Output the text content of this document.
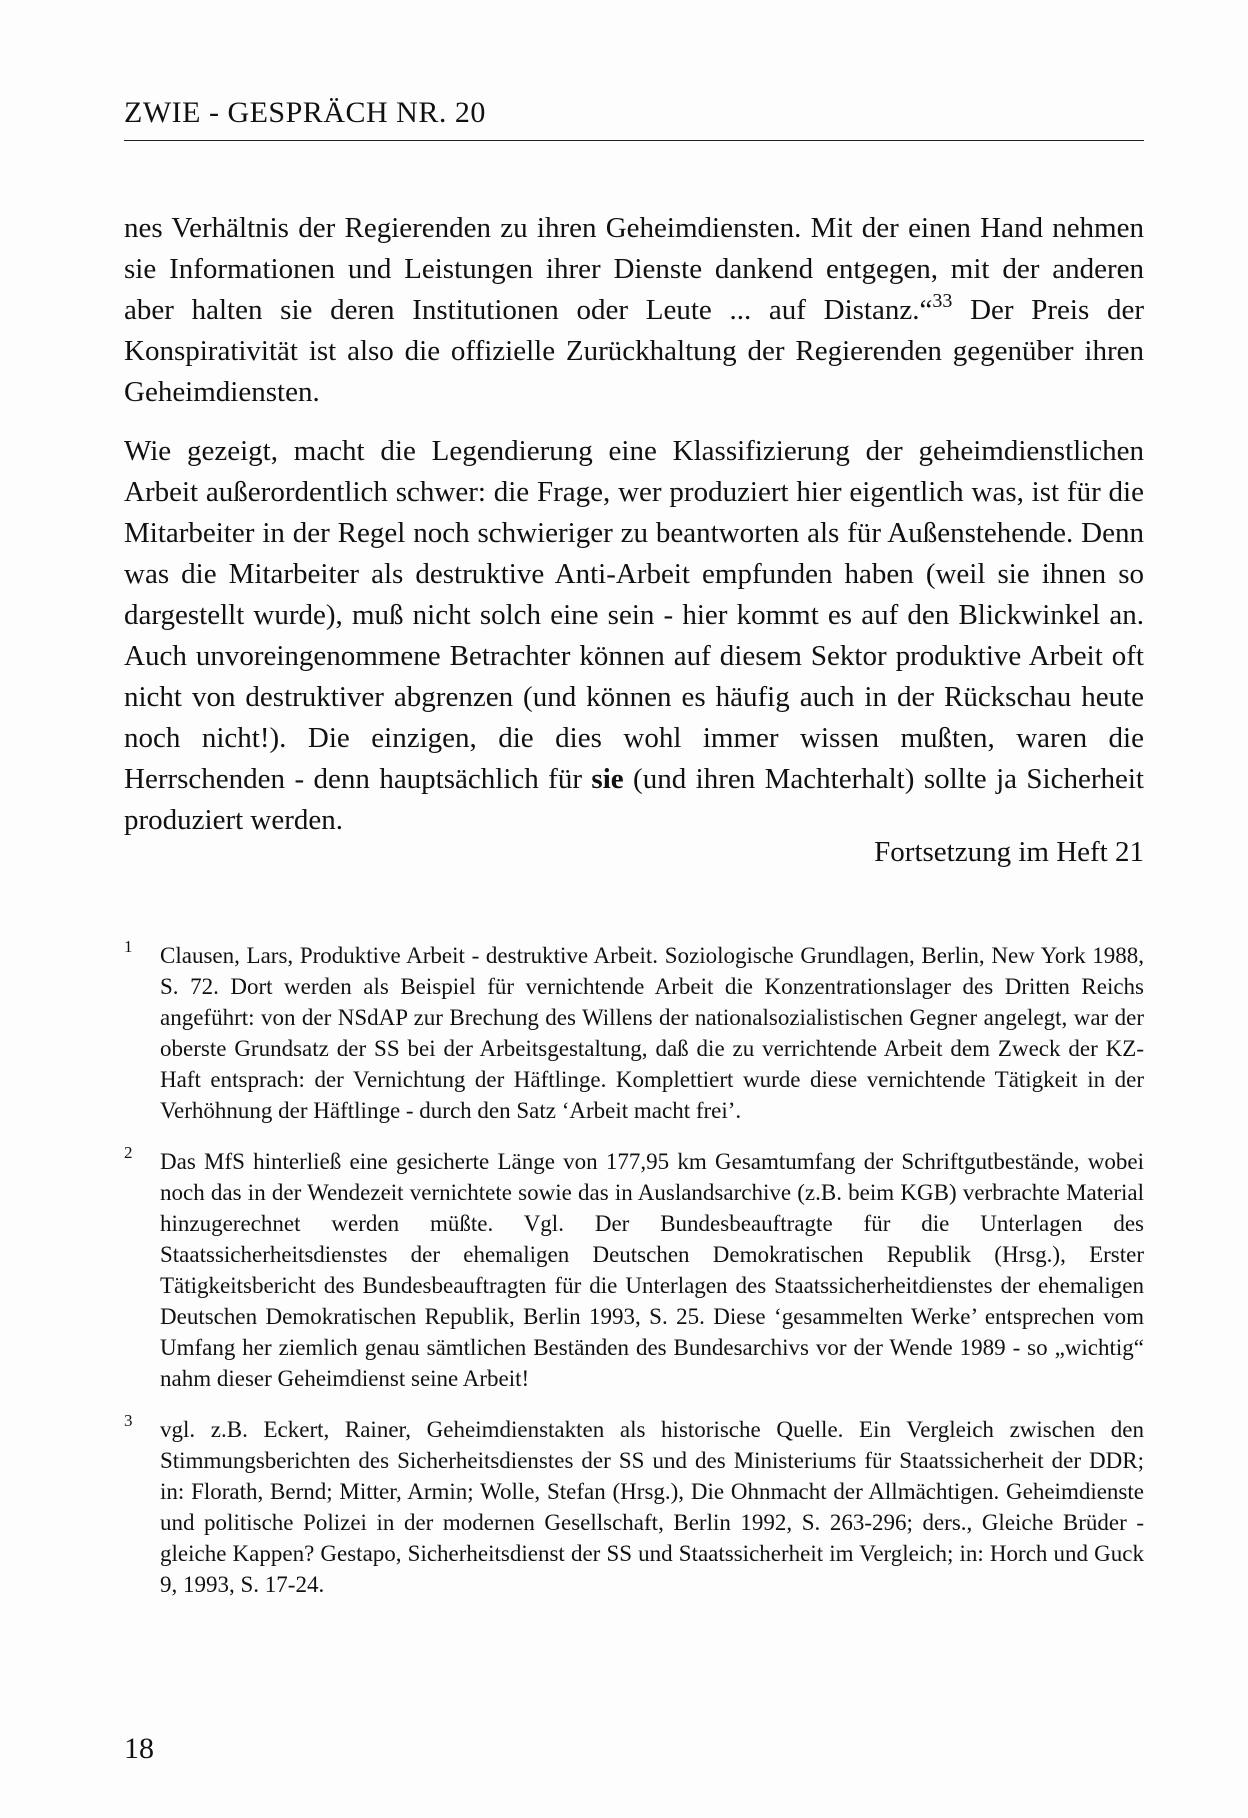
ZWIE - GESPRÄCH NR. 20

nes Verhältnis der Regierenden zu ihren Geheimdiensten. Mit der einen Hand nehmen sie Informationen und Leistungen ihrer Dienste dankend entgegen, mit der anderen aber halten sie deren Institutionen oder Leute ... auf Distanz.“$^{33}$ Der Preis der Konspirativität ist also die offizielle Zurückhaltung der Regierenden gegenüber ihren Geheimdiensten.

Wie gezeigt, macht die Legendierung eine Klassifizierung der geheimdienstlichen Arbeit außerordentlich schwer: die Frage, wer produziert hier eigentlich was, ist für die Mitarbeiter in der Regel noch schwieriger zu beantworten als für Außenstehende. Denn was die Mitarbeiter als destruktive Anti-Arbeit empfunden haben (weil sie ihnen so dargestellt wurde), muß nicht solch eine sein - hier kommt es auf den Blickwinkel an. Auch unvoreingenommene Betrachter können auf diesem Sektor produktive Arbeit oft nicht von destruktiver abgrenzen (und können es häufig auch in der Rückschau heute noch nicht!). Die einzigen, die dies wohl immer wissen mußten, waren die Herrschenden - denn hauptsächlich für sie (und ihren Machterhalt) sollte ja Sicherheit produziert werden.

Fortsetzung im Heft 21
1 Clausen, Lars, Produktive Arbeit - destruktive Arbeit. Soziologische Grundlagen, Berlin, New York 1988, S. 72. Dort werden als Beispiel für vernichtende Arbeit die Konzentrationslager des Dritten Reichs angeführt: von der NSdAP zur Brechung des Willens der nationalsozialistischen Gegner angelegt, war der oberste Grundsatz der SS bei der Arbeitsgestaltung, daß die zu verrichtende Arbeit dem Zweck der KZ-Haft entsprach: der Vernichtung der Häftlinge. Komplettiert wurde diese vernichtende Tätigkeit in der Verhöhnung der Häftlinge - durch den Satz ‘Arbeit macht frei’.
2 Das MfS hinterließ eine gesicherte Länge von 177,95 km Gesamtumfang der Schriftgutbestände, wobei noch das in der Wendezeit vernichtete sowie das in Auslandsarchive (z.B. beim KGB) verbrachte Material hinzugerechnet werden müßte. Vgl. Der Bundesbeauftragte für die Unterlagen des Staatssicherheitsdienstes der ehemaligen Deutschen Demokratischen Republik (Hrsg.), Erster Tätigkeitsbericht des Bundesbeauftragten für die Unterlagen des Staatssicherheitdienstes der ehemaligen Deutschen Demokratischen Republik, Berlin 1993, S. 25. Diese ‘gesammelten Werke’ entsprechen vom Umfang her ziemlich genau sämtlichen Beständen des Bundesarchivs vor der Wende 1989 - so „wichtig“ nahm dieser Geheimdienst seine Arbeit!
3 vgl. z.B. Eckert, Rainer, Geheimdienstakten als historische Quelle. Ein Vergleich zwischen den Stimmungsberichten des Sicherheitsdienstes der SS und des Ministeriums für Staatssicherheit der DDR; in: Florath, Bernd; Mitter, Armin; Wolle, Stefan (Hrsg.), Die Ohnmacht der Allmächtigen. Geheimdienste und politische Polizei in der modernen Gesellschaft, Berlin 1992, S. 263-296; ders., Gleiche Brüder - gleiche Kappen? Gestapo, Sicherheitsdienst der SS und Staatssicherheit im Vergleich; in: Horch und Guck 9, 1993, S. 17-24.
18
